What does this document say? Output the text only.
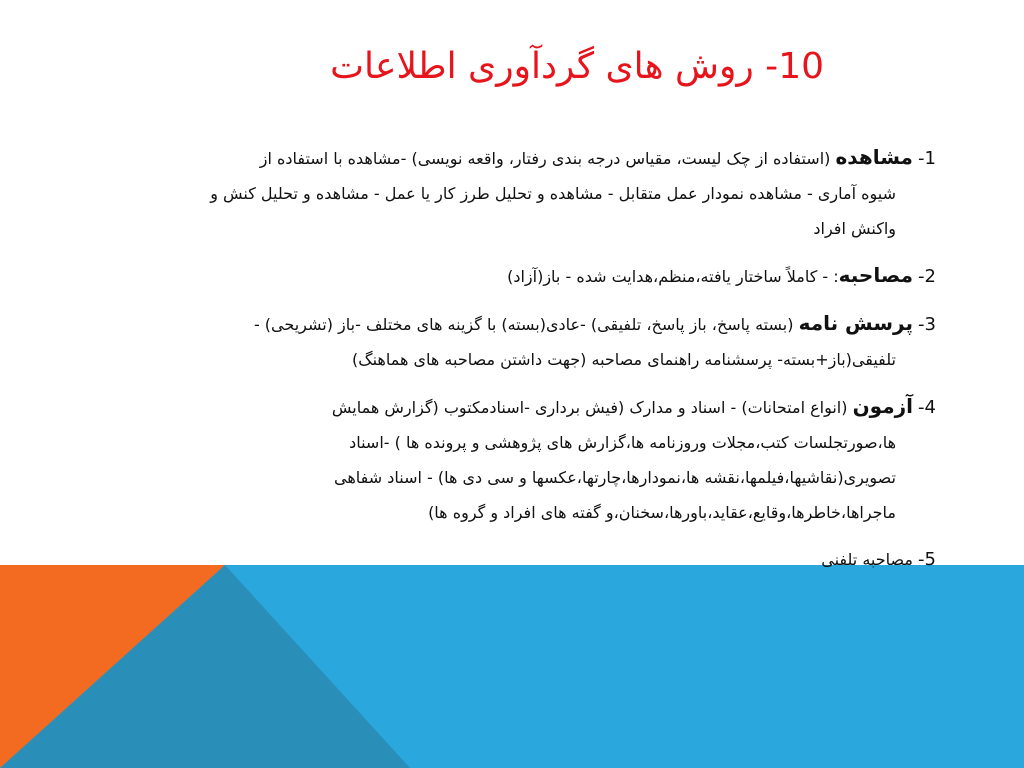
10- روش های گردآوری اطلاعات
1- مشاهده (استفاده از چک لیست، مقیاس درجه بندی رفتار، واقعه نویسی) -مشاهده با استفاده از
شیوه آماری - مشاهده نمودار عمل متقابل - مشاهده و تحلیل طرز کار یا عمل - مشاهده و تحلیل کنش و
واکنش افراد
2- مصاحبه: - کاملاً ساختار یافته،منظم،هدایت شده - باز(آزاد)
3- پرسش نامه (بسته پاسخ، باز پاسخ، تلفیقی) -عادی(بسته) با گزینه های مختلف -باز (تشریحی) -
تلفیقی(باز+بسته- پرسشنامه راهنمای مصاحبه (جهت داشتن مصاحبه های هماهنگ)
4- آزمون (انواع امتحانات) - اسناد و مدارک (فیش برداری -اسنادمکتوب (گزارش همایش
ها،صورتجلسات کتب،مجلات وروزنامه ها،گزارش های پژوهشی و پرونده ها ) -اسناد
تصویری(نقاشیها،فیلمها،نقشه ها،نمودارها،چارتها،عکسها و سی دی ها) - اسناد شفاهی
ماجراها،خاطرها،وقایع،عقاید،باورها،سخنان،و گفته های افراد و گروه ها)
5- مصاحبه تلفنی
